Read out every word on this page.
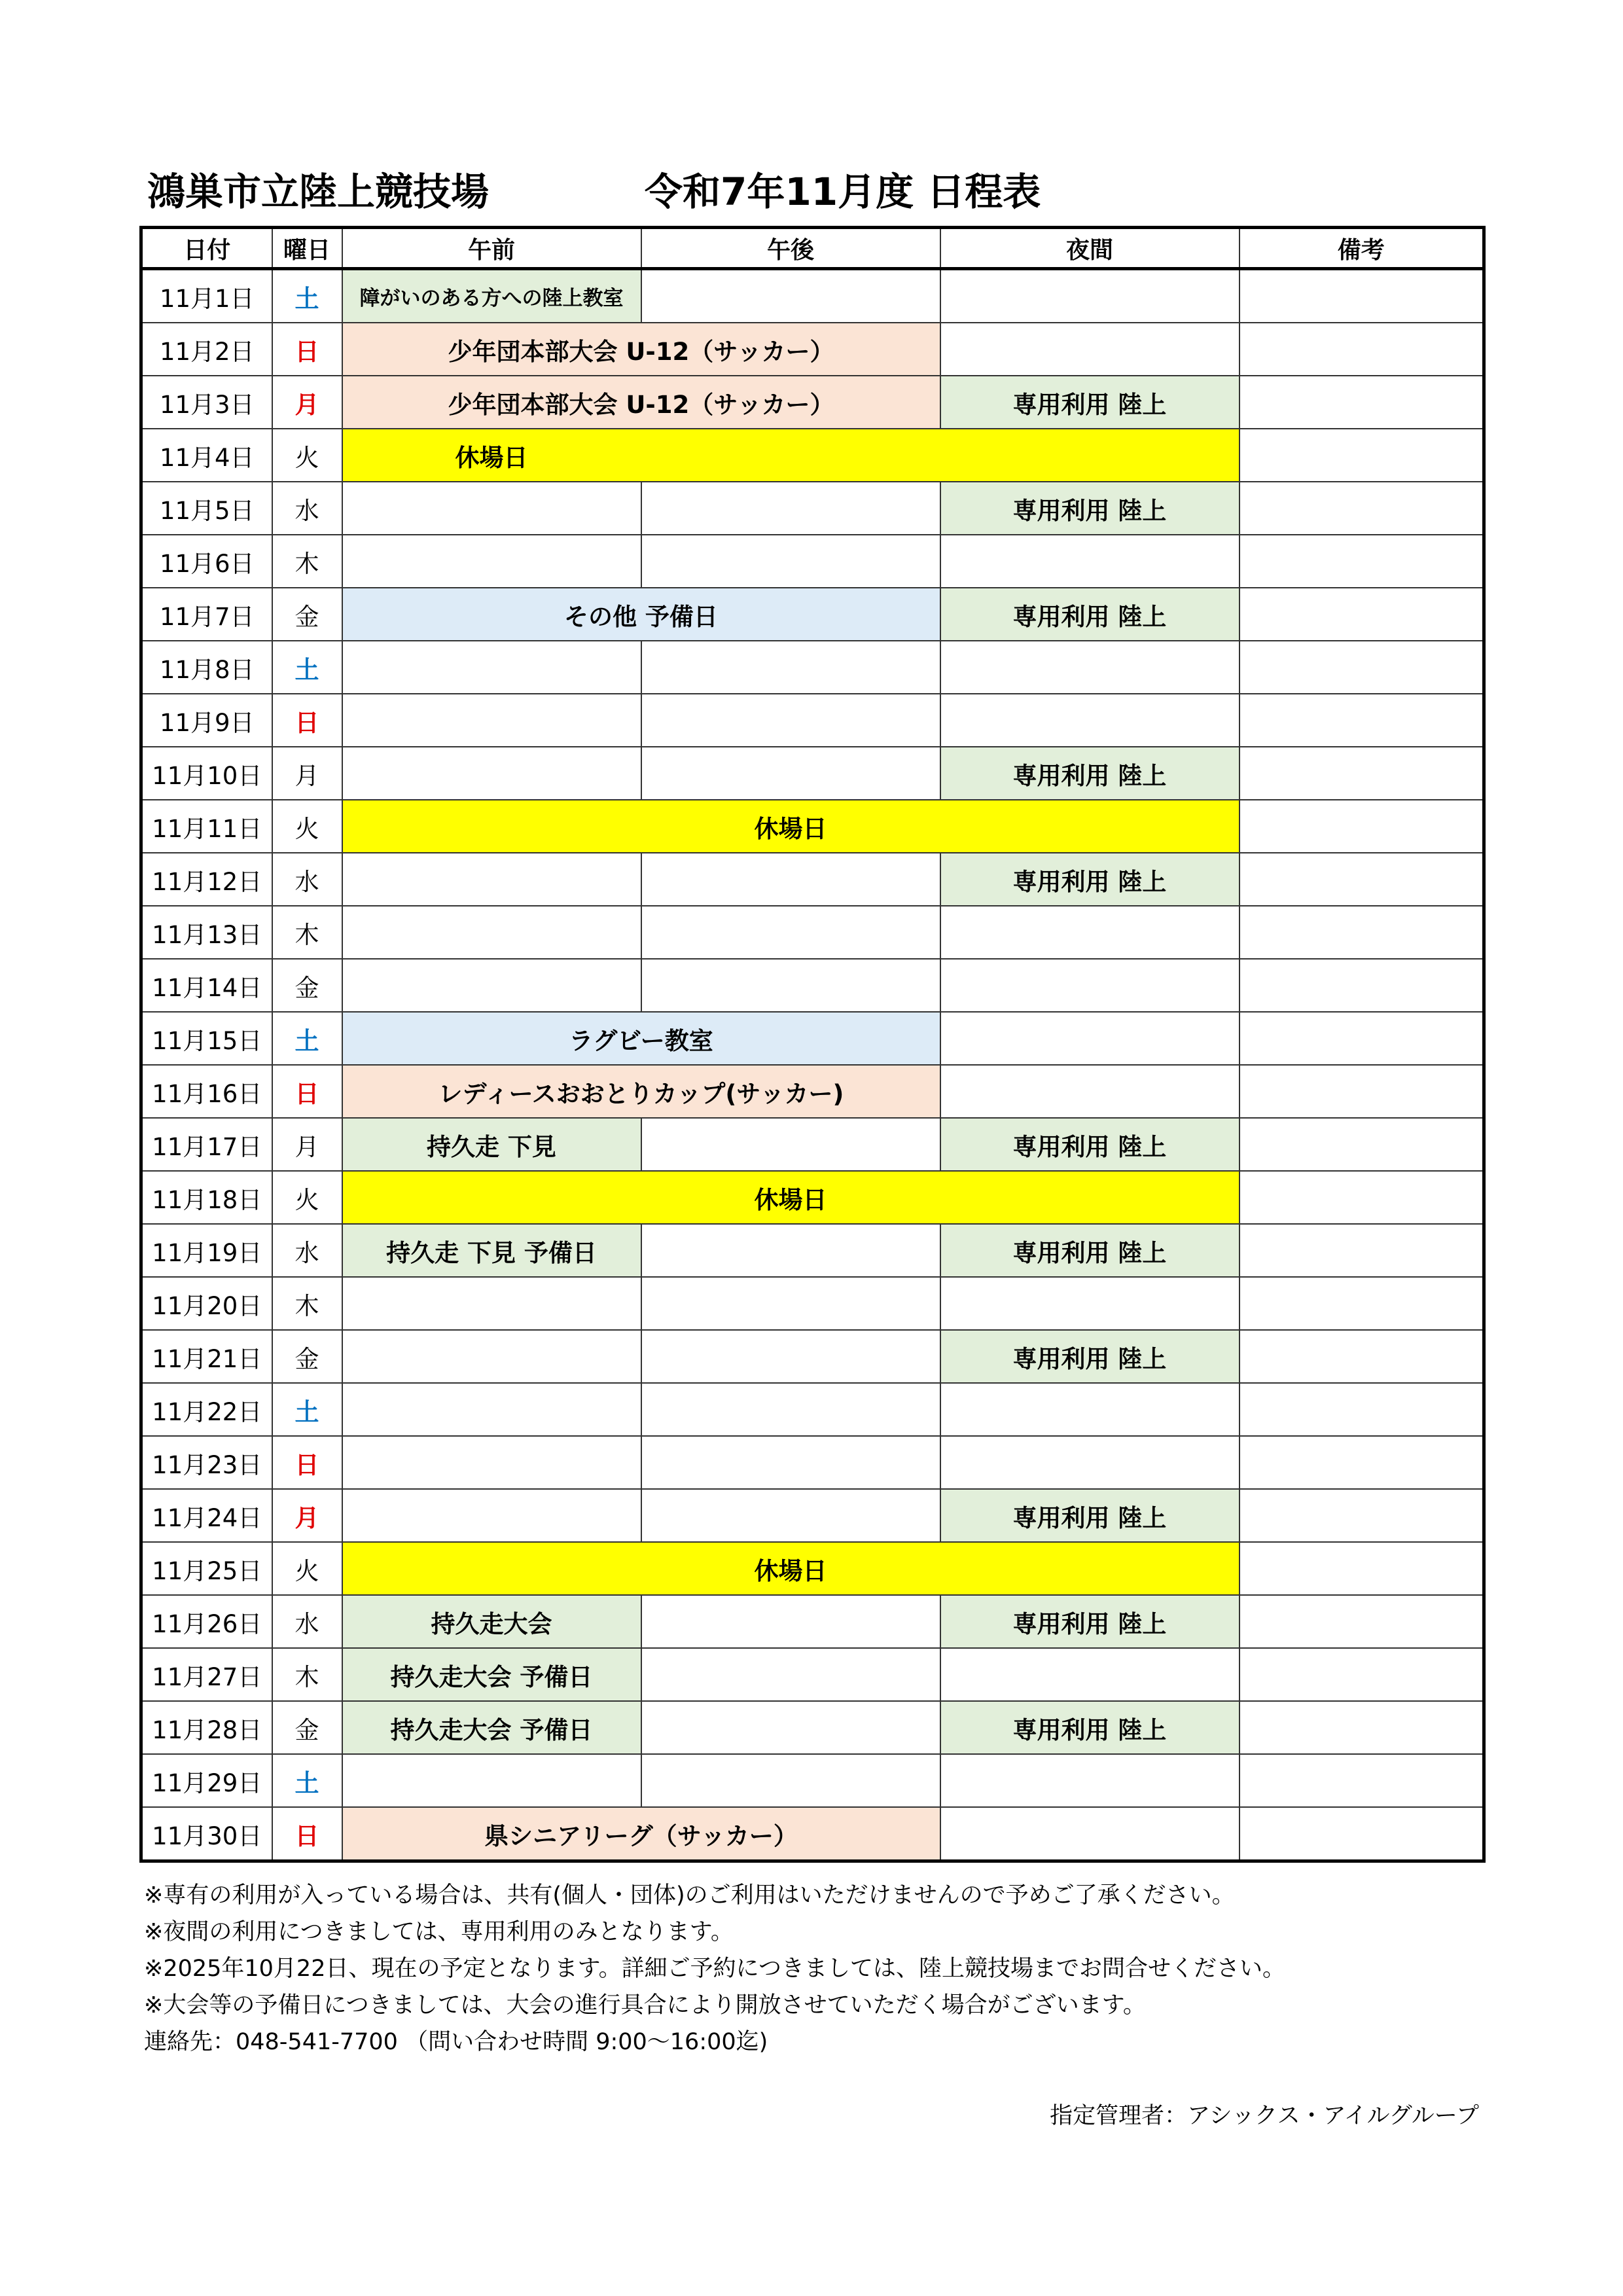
鴻巣市立陸上競技場	令和7年11月度 日程表
日付	曜日	午前	午後	夜間	備考
11月1日	土	障がいのある方への陸上教室			
11月2日	日	少年団本部大会 U-12（サッカー）			
11月3日	月	少年団本部大会 U-12（サッカー）		専用利用 陸上	
11月4日	火	休場日			
11月5日	水			専用利用 陸上	
11月6日	木				
11月7日	金	その他 予備日		専用利用 陸上	
11月8日	土				
11月9日	日				
11月10日	月			専用利用 陸上	
11月11日	火	休場日			
11月12日	水			専用利用 陸上	
11月13日	木				
11月14日	金				
11月15日	土	ラグビー教室			
11月16日	日	レディースおおとりカップ(サッカー)			
11月17日	月	持久走 下見		専用利用 陸上	
11月18日	火	休場日			
11月19日	水	持久走 下見 予備日		専用利用 陸上	
11月20日	木				
11月21日	金			専用利用 陸上	
11月22日	土				
11月23日	日				
11月24日	月			専用利用 陸上	
11月25日	火	休場日			
11月26日	水	持久走大会		専用利用 陸上	
11月27日	木	持久走大会 予備日			
11月28日	金	持久走大会 予備日		専用利用 陸上	
11月29日	土				
11月30日	日	県シニアリーグ（サッカー）			
※専有の利用が入っている場合は、共有(個人・団体)のご利用はいただけませんので予めご了承ください。
※夜間の利用につきましては、専用利用のみとなります。
※2025年10月22日、現在の予定となります。詳細ご予約につきましては、陸上競技場までお問合せください。
※大会等の予備日につきましては、大会の進行具合により開放させていただく場合がございます。
連絡先：048-541-7700 （問い合わせ時間 9:00～16:00迄)
指定管理者：アシックス・アイルグループ
